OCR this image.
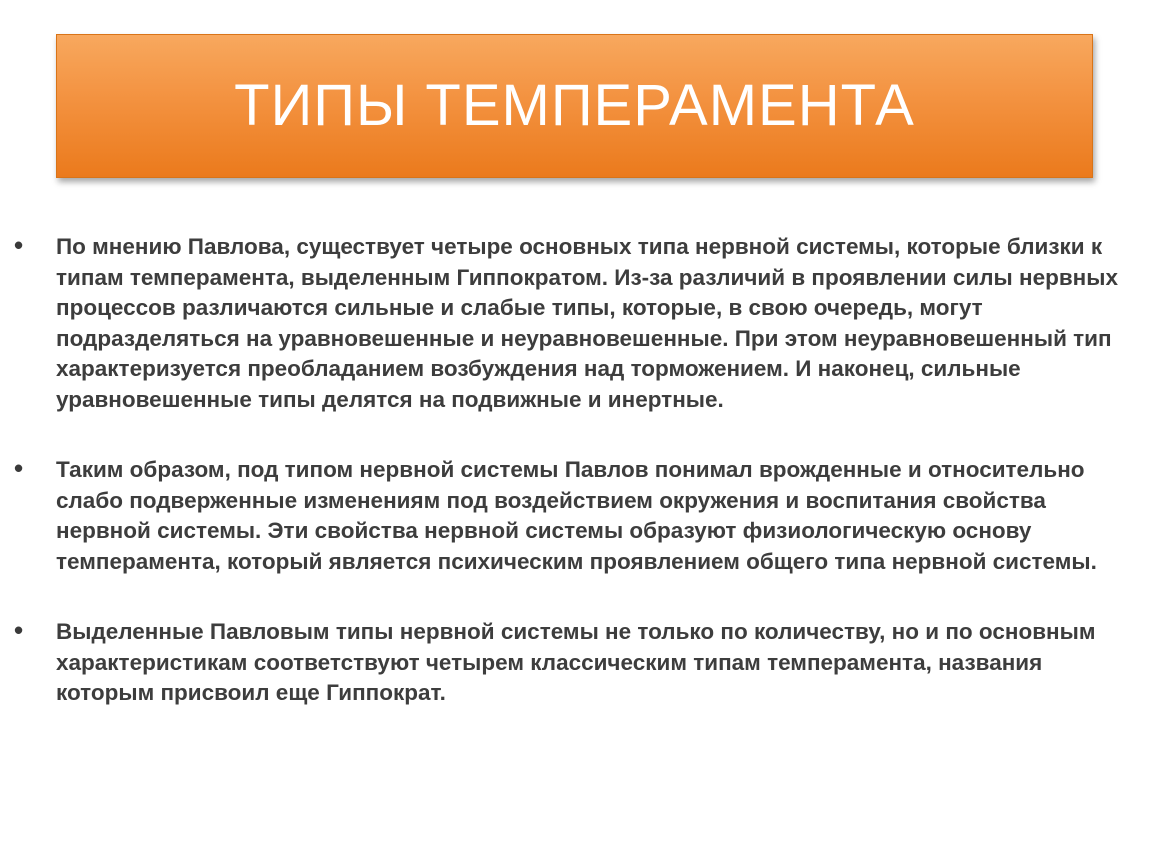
ТИПЫ ТЕМПЕРАМЕНТА
• По мнению Павлова, существует четыре основных типа нервной системы, которые близки к типам темперамента, выделенным Гиппократом. Из-за различий в проявлении силы нервных процессов различаются сильные и слабые типы, которые, в свою очередь, могут подразделяться на уравновешенные и неуравновешенные. При этом неуравновешенный тип характеризуется преобладанием возбуждения над торможением. И наконец, сильные уравновешенные типы делятся на подвижные и инертные.
• Таким образом, под типом нервной системы Павлов понимал врожденные и относительно слабо подверженные изменениям под воздействием окружения и воспитания свойства нервной системы. Эти свойства нервной системы образуют физиологическую основу темперамента, который является психическим проявлением общего типа нервной системы.
• Выделенные Павловым типы нервной системы не только по количеству, но и по основным характеристикам соответствуют четырем классическим типам темперамента, названия которым присвоил еще Гиппократ.
